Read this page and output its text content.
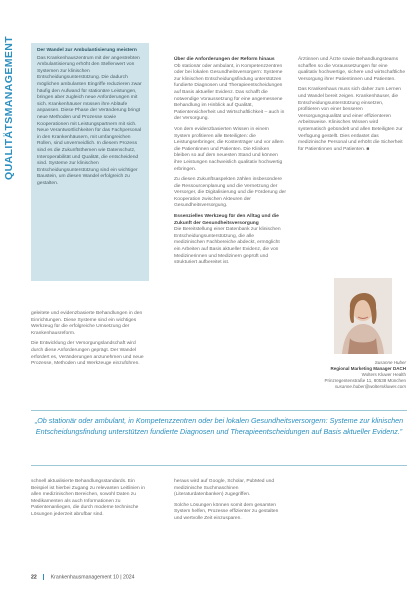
QUALITÄTSMANAGEMENT	Der Wandel zur Ambulantisierung meistern
Das Krankenhauszentrum mit der angestrebten Ambulantisierung erhöht den Stellenwert von Systemen zur klinischen Entscheidungsunterstützung. Die dadurch möglichen ambulanten Eingriffe reduzieren zwar häufig den Aufwand für stationäre Leistungen, bringen aber zugleich neue Anforderungen mit sich. Krankenhäuser müssen ihre Abläufe anpassen. Diese Phase der Veränderung bringt neue Methoden und Prozesse sowie Kooperationen mit Leistungspartnern mit sich. Neue Verantwortlichkeiten für das Fachpersonal in den Krankenhäusern, mit umfangreichen Rollen, sind unvermeidlich. In diesem Prozess sind es die Zukunftsthemen wie Datenschutz, Interoperabilität und Qualität, die entscheidend sind. Systeme zur klinischen Entscheidungsunterstützung sind ein wichtiger Baustein, um diesen Wandel erfolgreich zu gestalten.

Über die Anforderungen der Reform hinaus

Ob stationär oder ambulant, in Kompetenzzentren oder bei lokalen Gesundheitsversorgern: Systeme zur klinischen Entscheidungsfindung unterstützen fundierte Diagnosen und Therapieentscheidungen auf Basis aktueller Evidenz. Das schafft die notwendige Voraussetzung für eine angemessene Behandlung im Hinblick auf Qualität, Patientensicherheit und Wirtschaftlichkeit – auch in der Versorgung.

Von dem evidenzbasierten Wissen in einem System profitieren alle Beteiligten: die Leistungserbringer, die Kostenträger und vor allem die Patientinnen und Patienten. Die Kliniken bleiben so auf dem neuesten Stand und können ihre Leistungen nachweislich qualitativ hochwertig erbringen.

Zu diesen Zukunftsaspekten zählen insbesondere die Ressourcenplanung und die Vernetzung der Versorger, die Digitalisierung und die Förderung der Kooperation zwischen Akteuren der Gesundheitsversorgung.

Essenzielles Werkzeug für den Alltag und die Zukunft der Gesundheitsversorgung

Die Bereitstellung einer Datenbank zur klinischen Entscheidungsunterstützung, die alle medizinischen Fachbereiche abdeckt, ermöglicht ein Arbeiten auf Basis aktueller Evidenz, die von Medizinerinnen und Medizinern geprüft und strukturiert aufbereitet ist.

Ärztinnen und Ärzte sowie Behandlungsteams schaffen so die Voraussetzungen für eine qualitativ hochwertige, sichere und wirtschaftliche Versorgung ihrer Patientinnen und Patienten.

Das Krankenhaus muss sich daher zum Lernen und Wandel bereit zeigen. Krankenhäuser, die Entscheidungsunterstützung einsetzen, profitieren von einer besseren Versorgungsqualität und einer effizienteren Arbeitsweise. Klinisches Wissen wird systematisch gebündelt und allen Beteiligten zur Verfügung gestellt. Dies entlastet das medizinische Personal und erhöht die Sicherheit für Patientinnen und Patienten. ■

Susanne Huber
Regional Marketing Manager DACH
Wolters Kluwer Health
Prinzregentenstraße 11, 80538 München
susanne.huber@wolterskluwer.com

geleitete und evidenzbasierte Behandlungen in den Einrichtungen. Diese Systeme sind ein wichtiges Werkzeug für die erfolgreiche Umsetzung der Krankenhausreform.

Die Entwicklung der Versorgungslandschaft wird durch diese Anforderungen geprägt. Der Wandel erfordert es, Veränderungen anzunehmen und neue Prozesse, Methoden und Werkzeuge einzuführen.

„Ob stationär oder ambulant, in Kompetenzzentren oder bei lokalen Gesundheitsversorgern: Systeme zur klinischen Entscheidungsfindung unterstützen fundierte Diagnosen und Therapieentscheidungen auf Basis aktueller Evidenz.”

schnell aktualisierte Behandlungsstandards. Ein Beispiel ist hierbei Zugang zu relevanten Leitlinien in allen medizinischen Bereichen, sowohl Daten zu Medikamenten als auch Informationen zu Patientenanliegen, die durch moderne technische Lösungen jederzeit abrufbar sind.

heraus wird auf Google, Scholar, PubMed und medizinische Suchmaschinen (Literaturdatenbanken) zugegriffen.

Solche Lösungen können somit dem gesamten System helfen, Prozesse effizienter zu gestalten und wertvolle Zeit einzusparen.

22	Krankenhausmanagement 10 | 2024
